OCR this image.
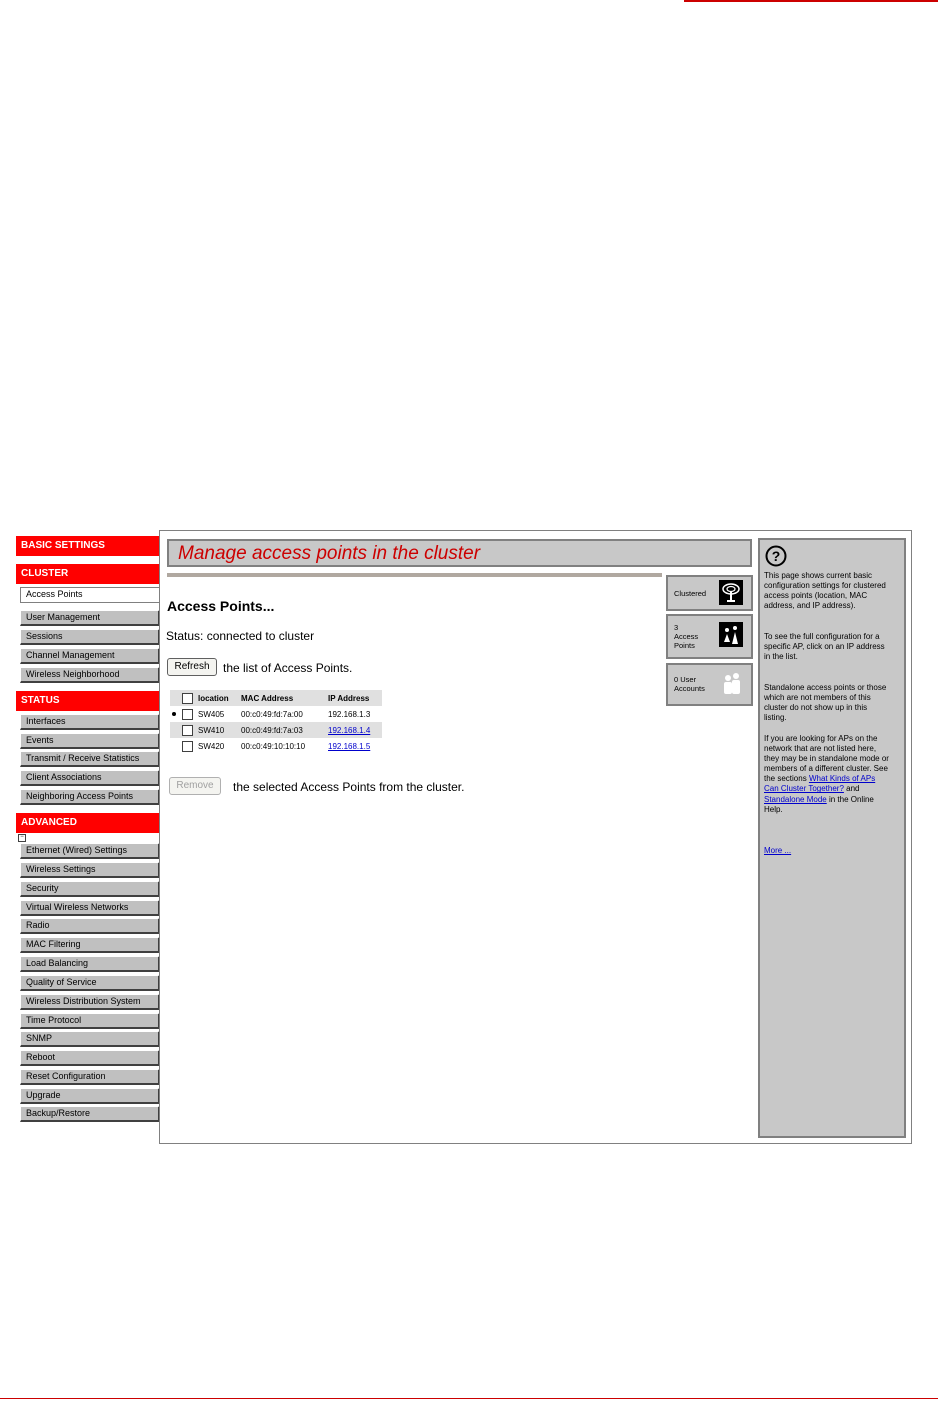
BASIC SETTINGS
CLUSTER
Access Points
User Management
Sessions
Channel Management
Wireless Neighborhood
STATUS
Interfaces
Events
Transmit / Receive Statistics
Client Associations
Neighboring Access Points
ADVANCED
−
Ethernet (Wired) Settings
Wireless Settings
Security
Virtual Wireless Networks
Radio
MAC Filtering
Load Balancing
Quality of Service
Wireless Distribution System
Time Protocol
SNMP
Reboot
Reset Configuration
Upgrade
Backup/Restore
Manage access points in the cluster
Access Points...
Status: connected to cluster
Refresh	the list of Access Points.
location MAC Address	IP Address
SW405 00:c0:49:fd:7a:00	192.168.1.3
SW410 00:c0:49:fd:7a:03	192.168.1.4
SW420 00:c0:49:10:10:10	192.168.1.5
Remove	the selected Access Points from the cluster.
Clustered
3
Access
Points
0 User
Accounts
?

This page shows current basic configuration settings for clustered access points (location, MAC address, and IP address).

To see the full configuration for a specific AP, click on an IP address in the list.

Standalone access points or those which are not members of this cluster do not show up in this listing.

If you are looking for APs on the network that are not listed here, they may be in standalone mode or members of a different cluster. See the sections What Kinds of APs Can Cluster Together? and Standalone Mode in the Online Help.

More ...
